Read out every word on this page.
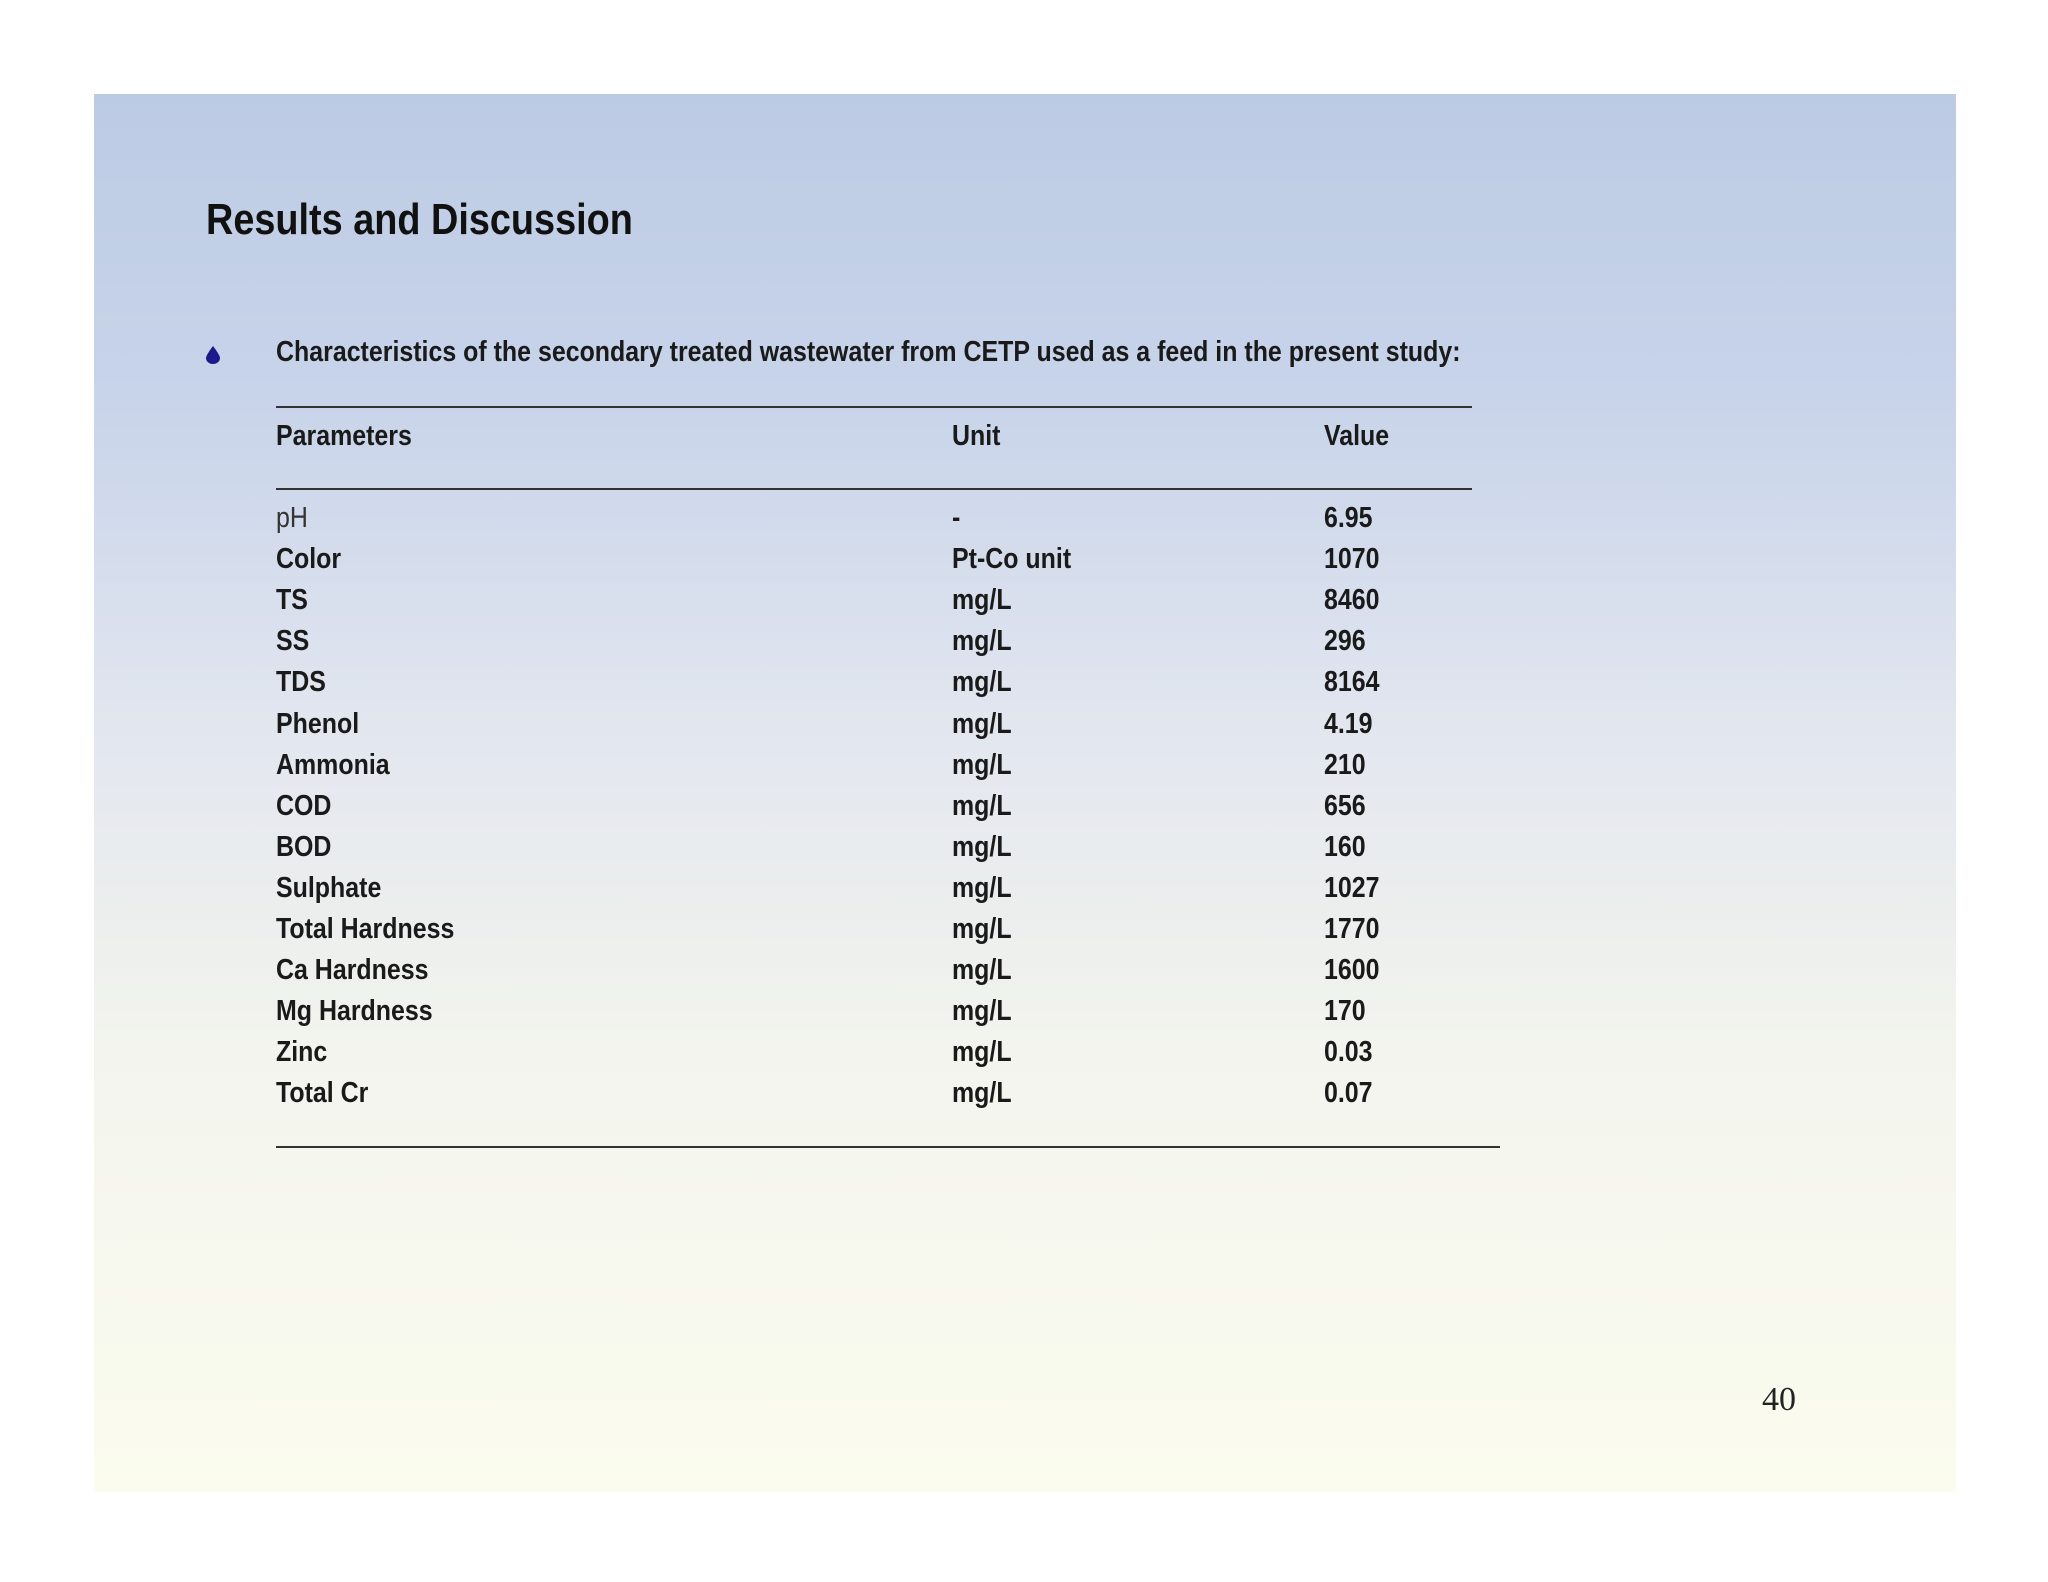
Results and Discussion
Characteristics of the secondary treated wastewater from CETP used as a feed in the present study:
Parameters	Unit	Value
pH	-	6.95
Color	Pt-Co unit	1070
TS	mg/L	8460
SS	mg/L	296
TDS	mg/L	8164
Phenol	mg/L	4.19
Ammonia	mg/L	210
COD	mg/L	656
BOD	mg/L	160
Sulphate	mg/L	1027
Total Hardness	mg/L	1770
Ca Hardness	mg/L	1600
Mg Hardness	mg/L	170
Zinc	mg/L	0.03
Total Cr	mg/L	0.07
40
